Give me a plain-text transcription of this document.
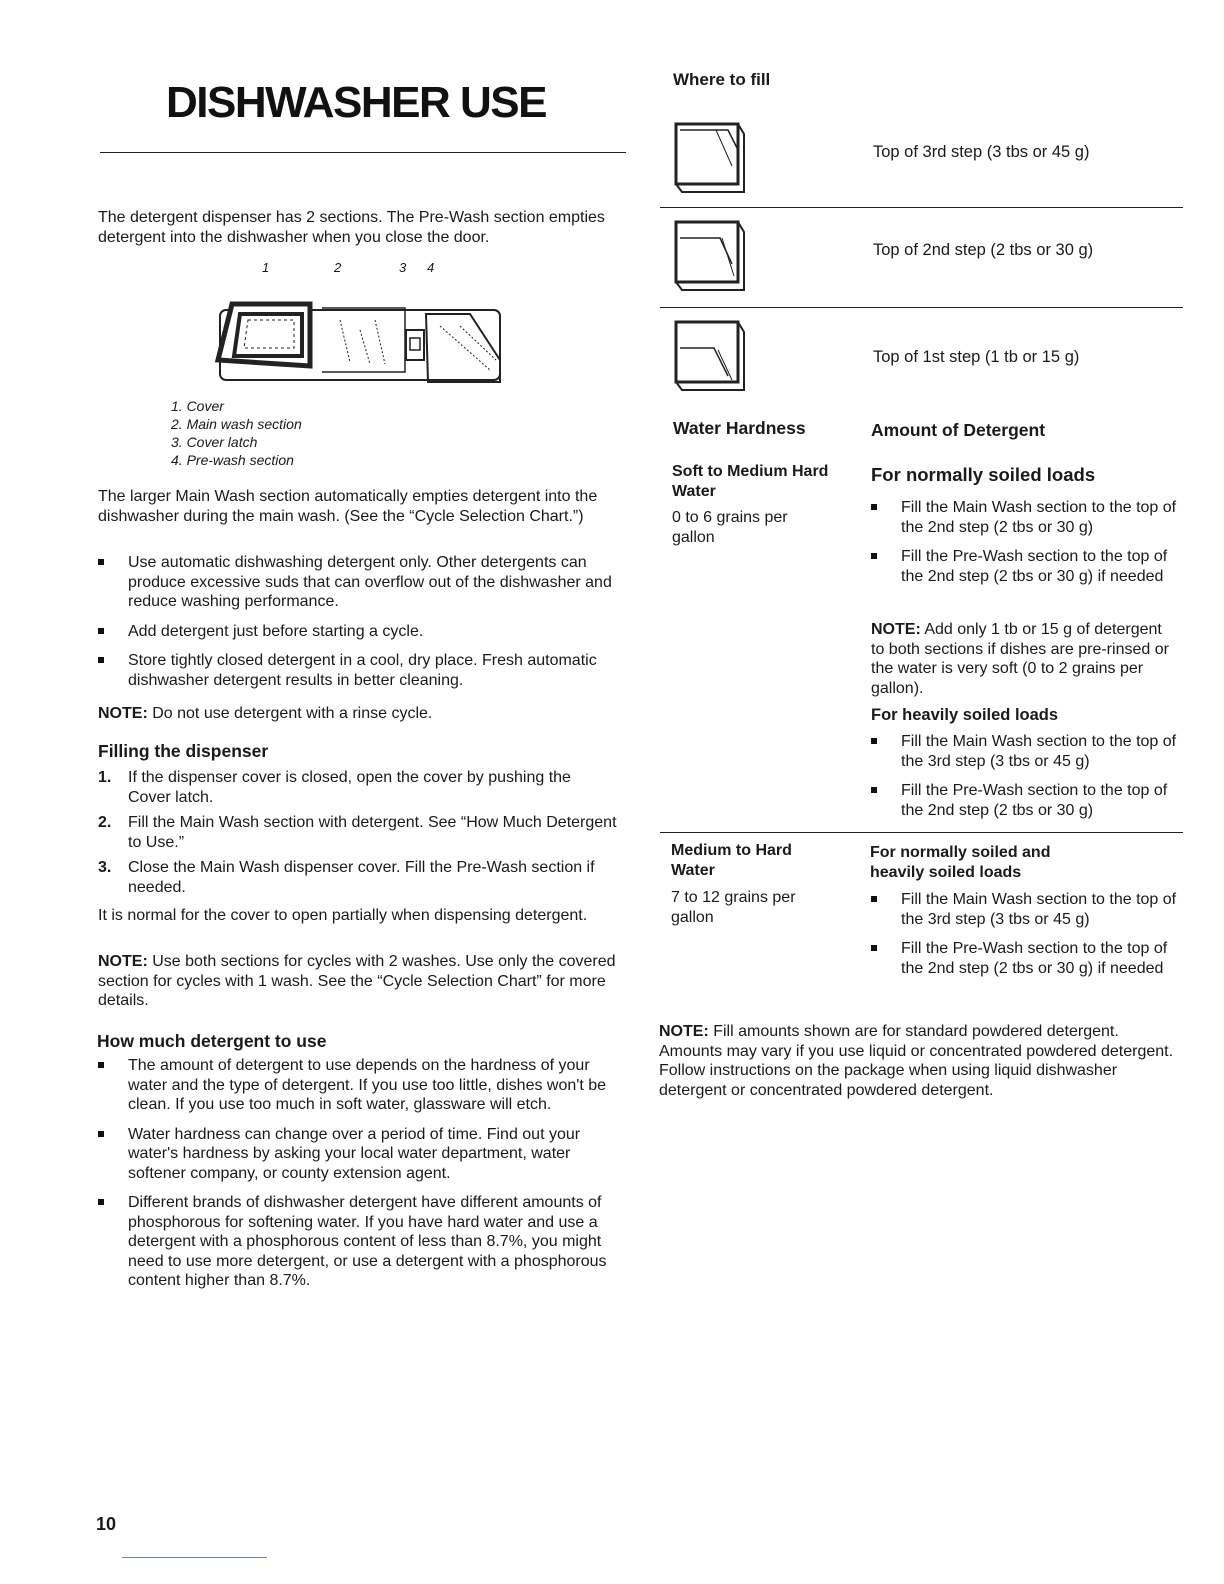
DISHWASHER USE

The detergent dispenser has 2 sections. The Pre-Wash section empties detergent into the dishwasher when you close the door.

1	2	3 4

1. Cover

2. Main wash section

3. Cover latch

4. Pre-wash section

The larger Main Wash section automatically empties detergent into the dishwasher during the main wash. (See the “Cycle Selection Chart.”)

Use automatic dishwashing detergent only. Other detergents can produce excessive suds that can overflow out of the dishwasher and reduce washing performance.
Add detergent just before starting a cycle.
Store tightly closed detergent in a cool, dry place. Fresh automatic dishwasher detergent results in better cleaning.

NOTE: Do not use detergent with a rinse cycle.

Filling the dispenser
1. If the dispenser cover is closed, open the cover by pushing the Cover latch.
2. Fill the Main Wash section with detergent. See “How Much Detergent to Use.”
3. Close the Main Wash dispenser cover. Fill the Pre-Wash section if needed.

It is normal for the cover to open partially when dispensing detergent.

NOTE: Use both sections for cycles with 2 washes. Use only the covered section for cycles with 1 wash. See the “Cycle Selection Chart” for more details.

How much detergent to use
The amount of detergent to use depends on the hardness of your water and the type of detergent. If you use too little, dishes won't be clean. If you use too much in soft water, glassware will etch.
Water hardness can change over a period of time. Find out your water's hardness by asking your local water department, water softener company, or county extension agent.
Different brands of dishwasher detergent have different amounts of phosphorous for softening water. If you have hard water and use a detergent with a phosphorous content of less than 8.7%, you might need to use more detergent, or use a detergent with a phosphorous content higher than 8.7%.
10
Where to fill
Top of 3rd step (3 tbs or 45 g)
Top of 2nd step (2 tbs or 30 g)
Top of 1st step (1 tb or 15 g)
Water Hardness	Amount of Detergent
Soft to Medium Hard Water
0 to 6 grains per gallon
For normally soiled loads
Fill the Main Wash section to the top of the 2nd step (2 tbs or 30 g)
Fill the Pre-Wash section to the top of the 2nd step (2 tbs or 30 g) if needed

NOTE: Add only 1 tb or 15 g of detergent to both sections if dishes are pre-rinsed or the water is very soft (0 to 2 grains per gallon).

For heavily soiled loads
Fill the Main Wash section to the top of the 3rd step (3 tbs or 45 g)
Fill the Pre-Wash section to the top of the 2nd step (2 tbs or 30 g)
Medium to Hard Water
7 to 12 grains per gallon
For normally soiled and heavily soiled loads
Fill the Main Wash section to the top of the 3rd step (3 tbs or 45 g)
Fill the Pre-Wash section to the top of the 2nd step (2 tbs or 30 g) if needed

NOTE: Fill amounts shown are for standard powdered detergent. Amounts may vary if you use liquid or concentrated powdered detergent. Follow instructions on the package when using liquid dishwasher detergent or concentrated powdered detergent.
